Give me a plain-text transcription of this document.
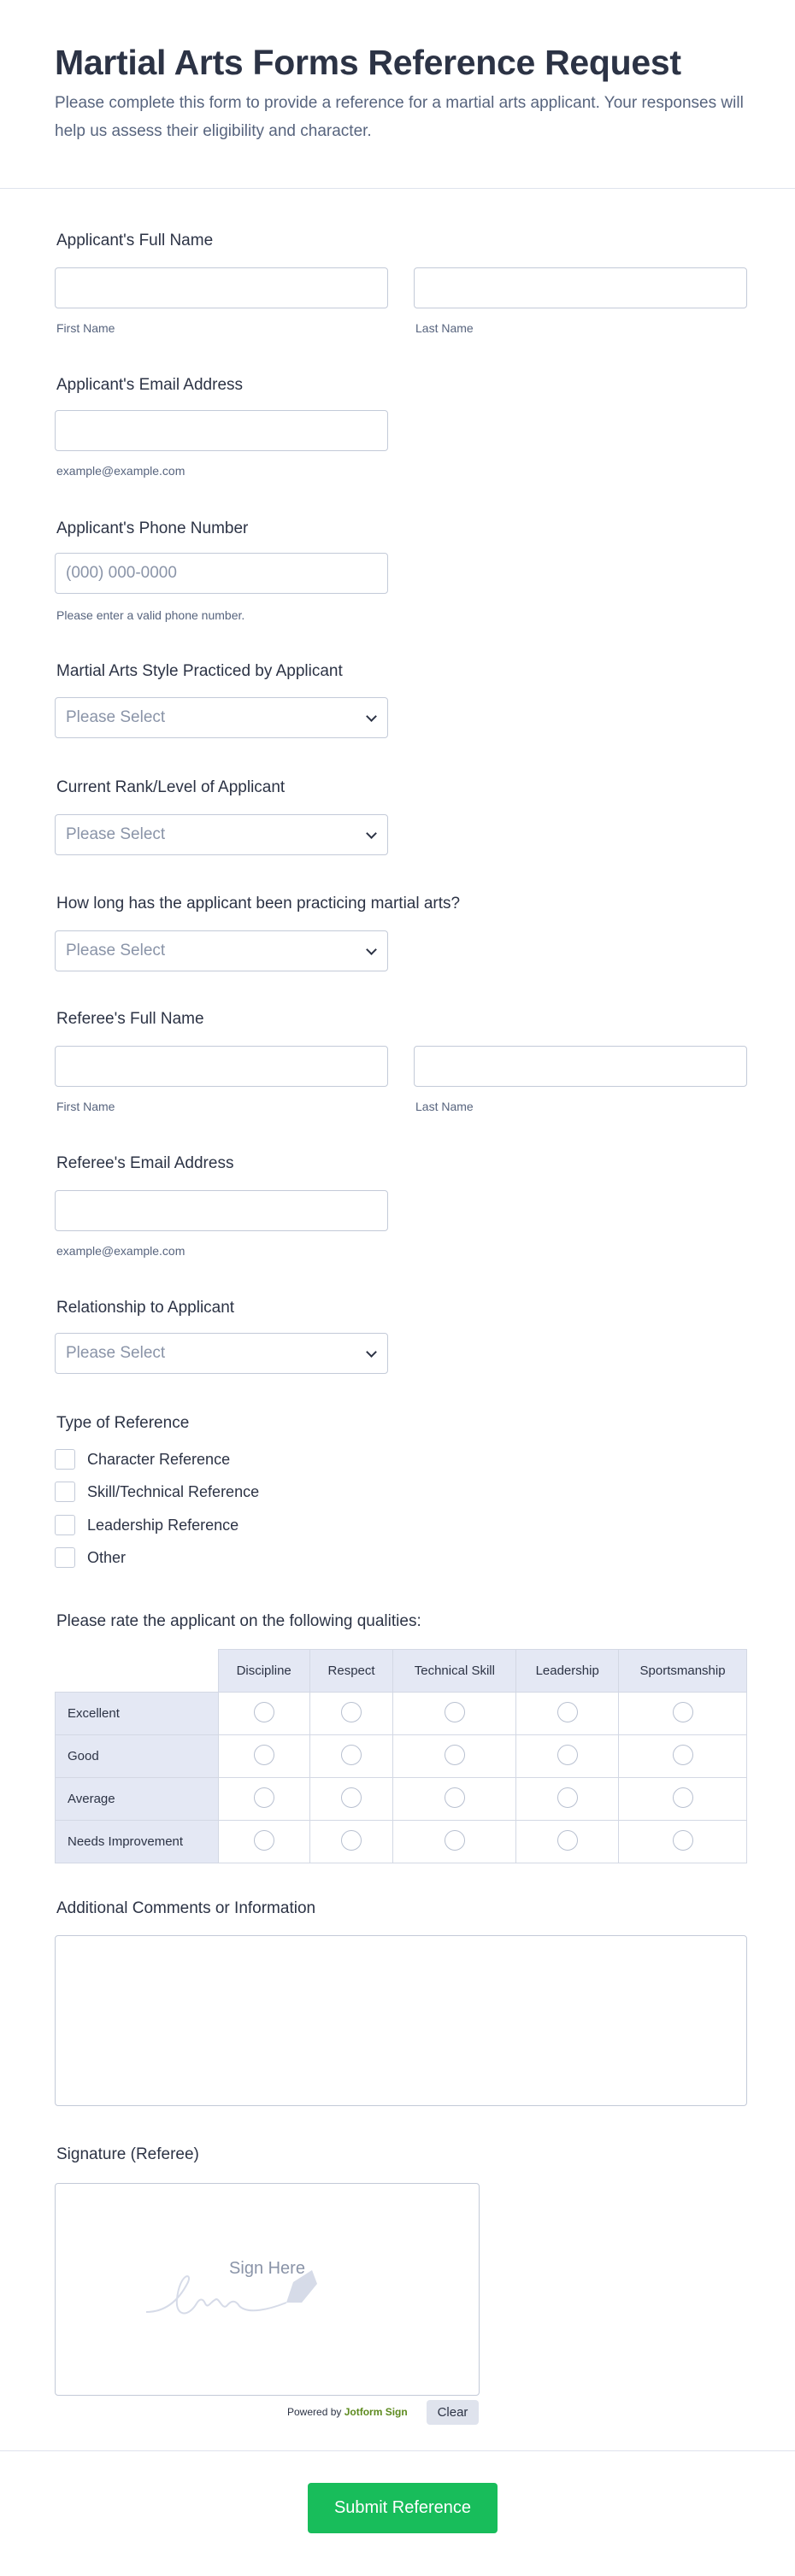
Martial Arts Forms Reference Request
Please complete this form to provide a reference for a martial arts applicant. Your responses will help us assess their eligibility and character.
Applicant's Full Name
First Name	Last Name
Applicant's Email Address
example@example.com
Applicant's Phone Number
(000) 000-0000
Please enter a valid phone number.
Martial Arts Style Practiced by Applicant
Please Select
Current Rank/Level of Applicant
Please Select
How long has the applicant been practicing martial arts?
Please Select
Referee's Full Name
First Name	Last Name
Referee's Email Address
example@example.com
Relationship to Applicant
Please Select
Type of Reference
Character Reference
Skill/Technical Reference
Leadership Reference
Other
Please rate the applicant on the following qualities:
	Discipline	Respect	Technical Skill	Leadership	Sportsmanship
Excellent					
Good					
Average					
Needs Improvement					
Additional Comments or Information
Signature (Referee)
Sign Here
Powered by Jotform Sign	Clear
Submit Reference
